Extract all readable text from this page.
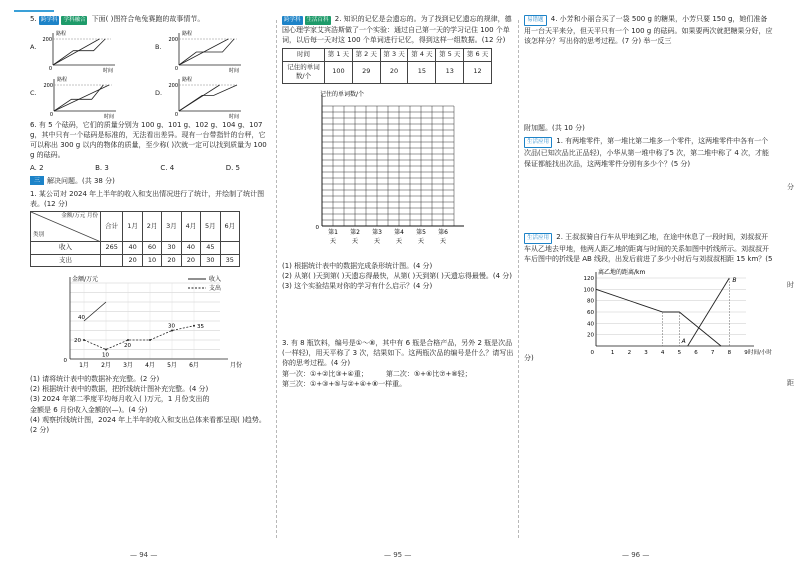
5. 跨学科 学科融合 下面( )图符合龟兔赛跑的故事情节。
A.
路程
200
0	时间
B.
路程
200
0	时间
C.
路程
200
0	时间
D.
路程
200
0	时间
6. 有 5 个砝码，它们的质量分别为 100 g、101 g、102 g、104 g、107 g，其中只有一个砝码是标准的，无法看出差异。现有一台带指针的台秤，它可以称出 300 g 以内的物体的质量，至少称( )次就一定可以找到质量为 100 g 的砝码。
A. 2	B. 3	C. 4	D. 5
三	解决问题。(共 38 分)
1. 某公司对 2024 年上半年的收入和支出情况进行了统计，并绘制了统计图表。(12 分)
金额/万元 月份
类别	合计	1月	2月	3月	4月	5月	6月
收入	265	40	60	30	40	45	
支出		20	10	20	20	30	35
1月 2月 3月 4月 5月 6月
金额/万元
月份
0
收入
支出
40
20
10
30
20
35
(1) 请将统计表中的数据补充完整。(2 分)
(2) 根据统计表中的数据，把折线统计图补充完整。(4 分)
(3) 2024 年第二季度平均每月收入( )万元，1 月份支出的
金额是 6 月份收入金额的(—)。(4 分)
(4) 观察折线统计图，2024 年上半年的收入和支出总体来看都呈现( )趋势。(2 分)
— 94 —
跨学科 生活百科 2. 知识的记忆是会遗忘的。为了找到记忆遗忘的规律，德国心理学家艾宾浩斯做了一个实验：通过自己第一天的学习记住 100 个单词，以后每一天对这 100 个单词进行记忆，得到这样一组数据。(12 分)
时间	第 1 天	第 2 天	第 3 天	第 4 天	第 5 天	第 6 天
记住的单词数/个	100	29	20	15	13	12
记住的单词数/个
0
第1
天
第2
天
第3
天
第4
天
第5
天
第6
天
(1) 根据统计表中的数据完成条形统计图。(4 分)
(2) 从第( )天到第( )天遗忘得最快，从第( )天到第( )天遗忘得最慢。(4 分)
(3) 这个实验结果对你的学习有什么启示？(4 分)
3. 有 8 瓶饮料，编号是①～⑧，其中有 6 瓶是合格产品，另外 2 瓶是次品(一样轻)，用天平称了 3 次，结果如下。这两瓶次品的编号是什么？请写出你的思考过程。(4 分)
第一次：①+②比③+④重；	第二次：⑤+⑥比⑦+⑧轻；
第三次：①+③+⑤与②+④+⑧一样重。
— 95 —
易错题 4. 小芳和小丽合买了一袋 500 g 的糖果，小芳只要 150 g，她们准备用一台天平来分，但天平只有一个 100 g 的砝码。如果要两次就把糖果分好，应该怎样分？写出你的思考过程。(7 分) 举一反三
附加题。(共 10 分)
生活应用 1. 有两堆零件，第一堆比第二堆多一个零件，这两堆零件中各有一个次品(已知次品比正品轻)，小华从第一堆中称了5 次，第二堆中称了 4 次，才能保证都能找出次品，这两堆零件分别有多少个？(5 分)
生活应用 2. 王叔叔骑自行车从甲地到乙地，在途中休息了一段时间，刘叔叔开车从乙地去甲地，他两人距乙地的距离与时间的关系如图中折线所示。刘叔叔开车后图中的折线是 AB 线段，出发后前进了多少小时后与刘叔叔相距 15 km？(5 分)
离乙地的距离/km
20
40
60
80
100
120
1 2 3 4 5 6 7 8 9
0	时间/小时
A
B
分
时
距
— 96 —
